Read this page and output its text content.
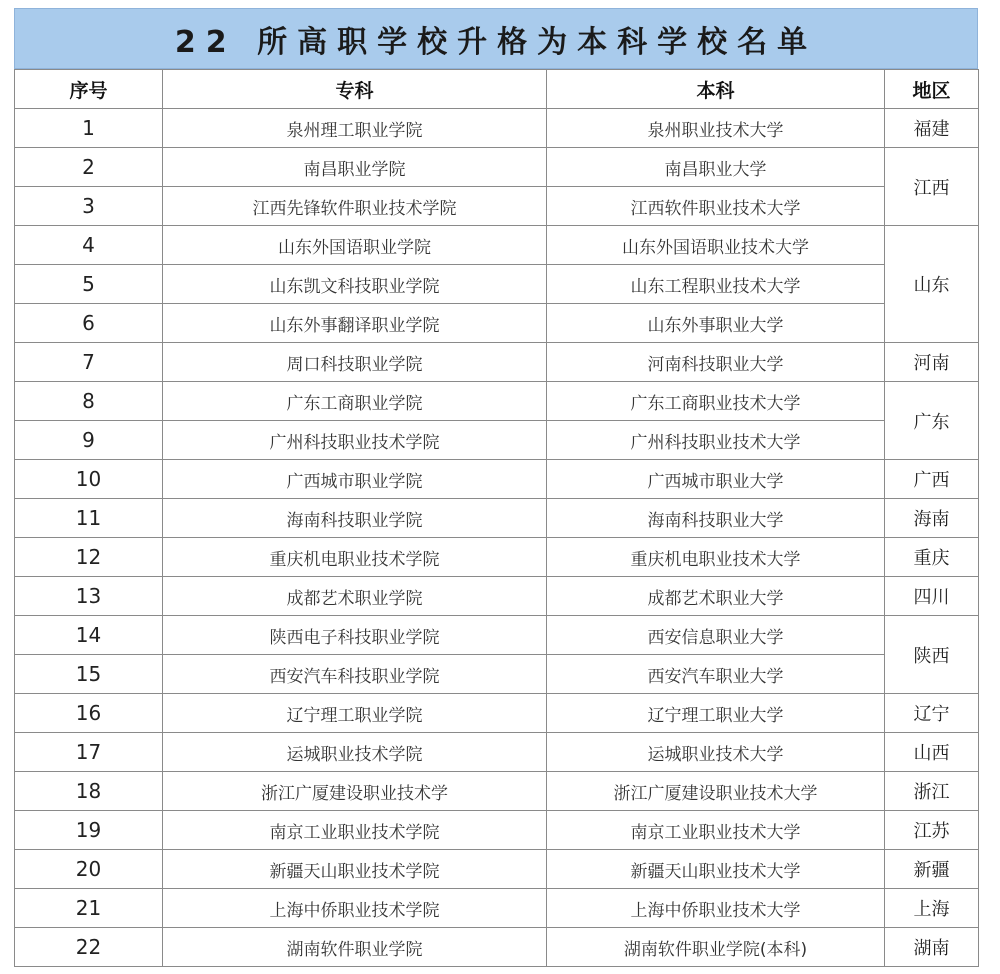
22 所高职学校升格为本科学校名单
序号	专科	本科	地区
1	泉州理工职业学院	泉州职业技术大学	福建
2	南昌职业学院	南昌职业大学	江西
3	江西先锋软件职业技术学院	江西软件职业技术大学	
4	山东外国语职业学院	山东外国语职业技术大学	山东
5	山东凯文科技职业学院	山东工程职业技术大学	
6	山东外事翻译职业学院	山东外事职业大学	
7	周口科技职业学院	河南科技职业大学	河南
8	广东工商职业学院	广东工商职业技术大学	广东
9	广州科技职业技术学院	广州科技职业技术大学	
10	广西城市职业学院	广西城市职业大学	广西
11	海南科技职业学院	海南科技职业大学	海南
12	重庆机电职业技术学院	重庆机电职业技术大学	重庆
13	成都艺术职业学院	成都艺术职业大学	四川
14	陕西电子科技职业学院	西安信息职业大学	陕西
15	西安汽车科技职业学院	西安汽车职业大学	
16	辽宁理工职业学院	辽宁理工职业大学	辽宁
17	运城职业技术学院	运城职业技术大学	山西
18	浙江广厦建设职业技术学	浙江广厦建设职业技术大学	浙江
19	南京工业职业技术学院	南京工业职业技术大学	江苏
20	新疆天山职业技术学院	新疆天山职业技术大学	新疆
21	上海中侨职业技术学院	上海中侨职业技术大学	上海
22	湖南软件职业学院	湖南软件职业学院(本科)	湖南
